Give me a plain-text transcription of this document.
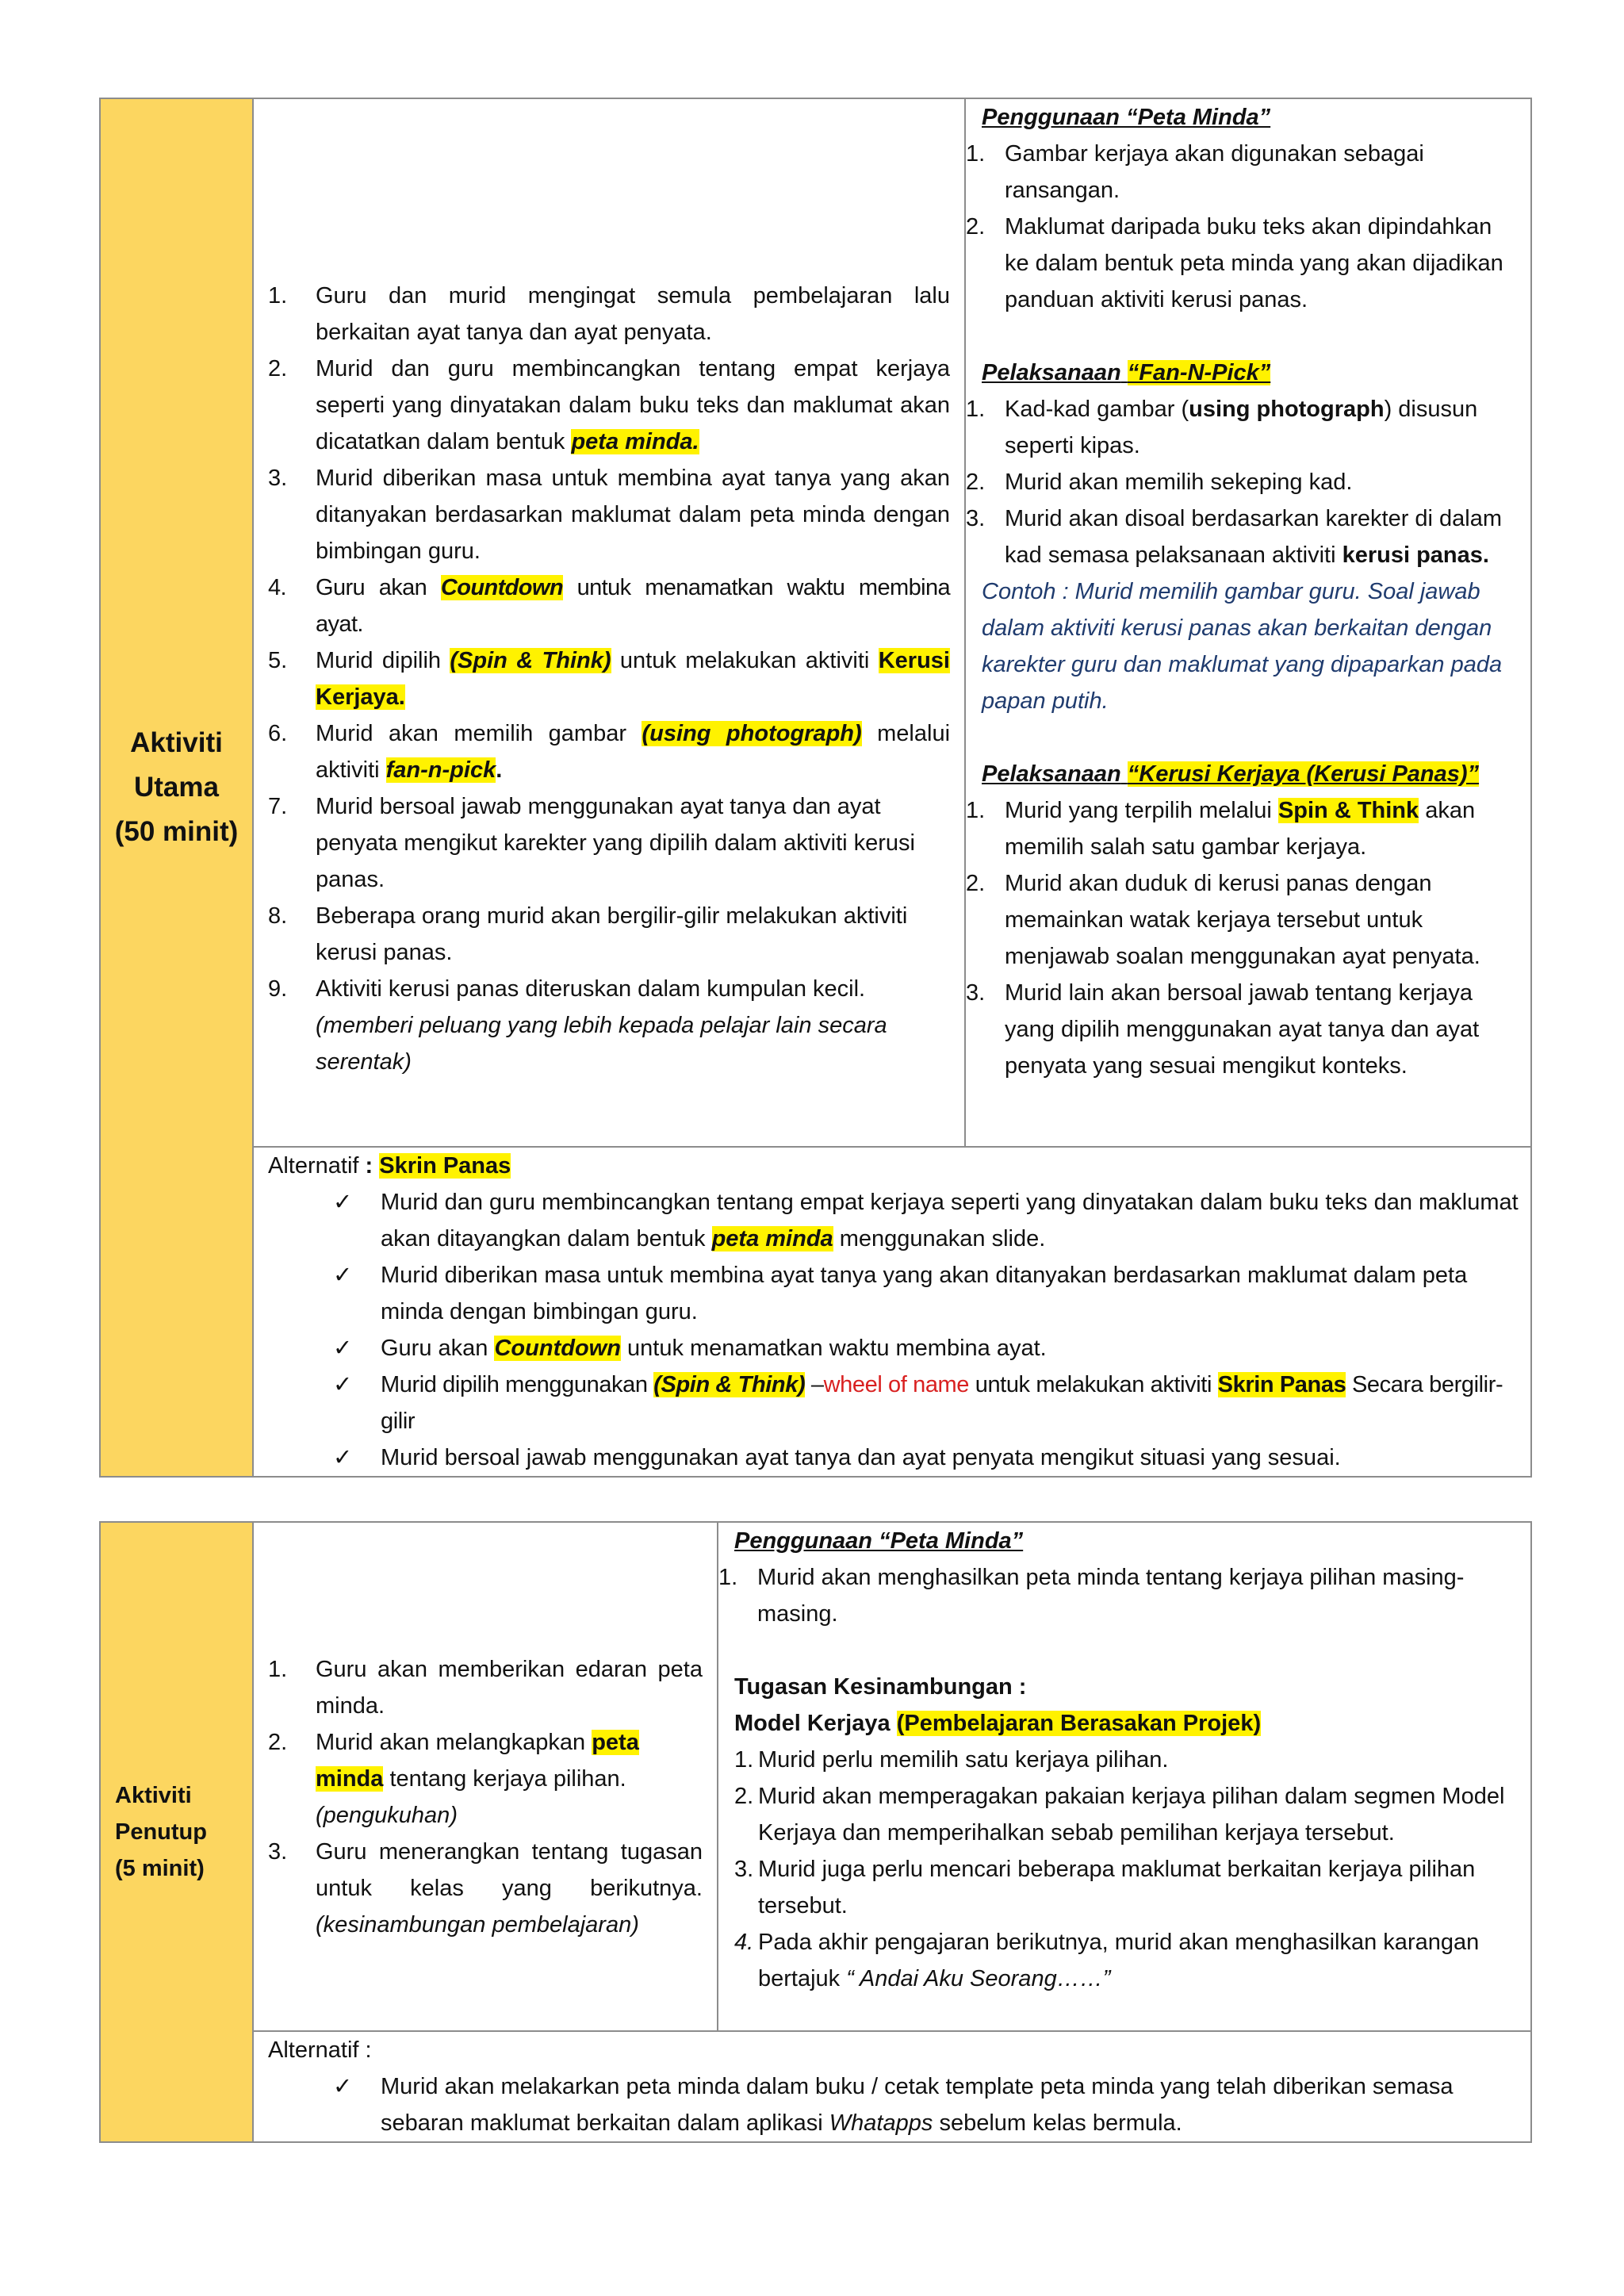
Aktiviti
Utama
(50 minit)

1. Guru dan murid mengingat semula pembelajaran lalu berkaitan ayat tanya dan ayat penyata.
2. Murid dan guru membincangkan tentang empat kerjaya seperti yang dinyatakan dalam buku teks dan maklumat akan dicatatkan dalam bentuk peta minda.
3. Murid diberikan masa untuk membina ayat tanya yang akan ditanyakan berdasarkan maklumat dalam peta minda dengan bimbingan guru.
4. Guru akan Countdown untuk menamatkan waktu membina ayat.
5. Murid dipilih (Spin & Think) untuk melakukan aktiviti Kerusi Kerjaya.
6. Murid akan memilih gambar (using photograph) melalui aktiviti fan-n-pick.
7. Murid bersoal jawab menggunakan ayat tanya dan ayat penyata mengikut karekter yang dipilih dalam aktiviti kerusi panas.
8. Beberapa orang murid akan bergilir-gilir melakukan aktiviti kerusi panas.
9. Aktiviti kerusi panas diteruskan dalam kumpulan kecil. (memberi peluang yang lebih kepada pelajar lain secara serentak)

Penggunaan “Peta Minda”
1. Gambar kerjaya akan digunakan sebagai ransangan.
2. Maklumat daripada buku teks akan dipindahkan ke dalam bentuk peta minda yang akan dijadikan panduan aktiviti kerusi panas.
Pelaksanaan “Fan-N-Pick”
1. Kad-kad gambar (using photograph) disusun seperti kipas.
2. Murid akan memilih sekeping kad.
3. Murid akan disoal berdasarkan karekter di dalam kad semasa pelaksanaan aktiviti kerusi panas.
Contoh : Murid memilih gambar guru. Soal jawab dalam aktiviti kerusi panas akan berkaitan dengan karekter guru dan maklumat yang dipaparkan pada papan putih.
Pelaksanaan “Kerusi Kerjaya (Kerusi Panas)”
1. Murid yang terpilih melalui Spin & Think akan memilih salah satu gambar kerjaya.
2. Murid akan duduk di kerusi panas dengan memainkan watak kerjaya tersebut untuk menjawab soalan menggunakan ayat penyata.
3. Murid lain akan bersoal jawab tentang kerjaya yang dipilih menggunakan ayat tanya dan ayat penyata yang sesuai mengikut konteks.

Alternatif : Skrin Panas
✓ Murid dan guru membincangkan tentang empat kerjaya seperti yang dinyatakan dalam buku teks dan maklumat akan ditayangkan dalam bentuk peta minda menggunakan slide.
✓ Murid diberikan masa untuk membina ayat tanya yang akan ditanyakan berdasarkan maklumat dalam peta minda dengan bimbingan guru.
✓ Guru akan Countdown untuk menamatkan waktu membina ayat.
✓ Murid dipilih menggunakan (Spin & Think) –wheel of name untuk melakukan aktiviti Skrin Panas Secara bergilir-gilir
✓ Murid bersoal jawab menggunakan ayat tanya dan ayat penyata mengikut situasi yang sesuai.
Aktiviti
Penutup
(5 minit)

1. Guru akan memberikan edaran peta minda.
2. Murid akan melangkapkan peta minda tentang kerjaya pilihan. (pengukuhan)
3. Guru menerangkan tentang tugasan untuk kelas yang berikutnya. (kesinambungan pembelajaran)

Penggunaan “Peta Minda”
1. Murid akan menghasilkan peta minda tentang kerjaya pilihan masing-masing.
Tugasan Kesinambungan :
Model Kerjaya (Pembelajaran Berasakan Projek)
1. Murid perlu memilih satu kerjaya pilihan.
2. Murid akan memperagakan pakaian kerjaya pilihan dalam segmen Model Kerjaya dan memperihalkan sebab pemilihan kerjaya tersebut.
3. Murid juga perlu mencari beberapa maklumat berkaitan kerjaya pilihan tersebut.
4. Pada akhir pengajaran berikutnya, murid akan menghasilkan karangan bertajuk “ Andai Aku Seorang……”

Alternatif :
✓ Murid akan melakarkan peta minda dalam buku / cetak template peta minda yang telah diberikan semasa sebaran maklumat berkaitan dalam aplikasi Whatapps sebelum kelas bermula.
